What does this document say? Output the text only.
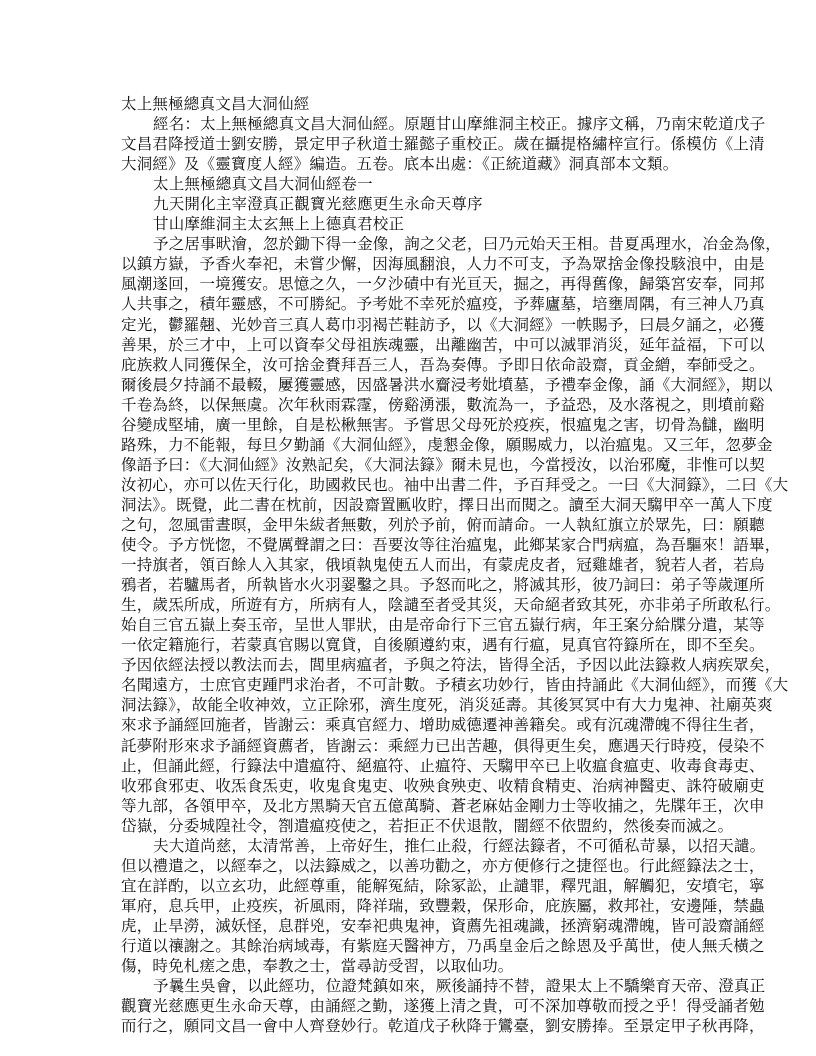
太上無極總真文昌大洞仙經
經名：太上無極總真文昌大洞仙經。原題甘山摩維洞主校正。據序文稱，乃南宋乾道戊子
文昌君降授道士劉安勝，景定甲子秋道士羅懿子重校正。歲在攝提格繡梓宣行。係模仿《上清
大洞經》及《靈寶度人經》編造。五卷。底本出處：《正統道藏》洞真部本文類。
太上無極總真文昌大洞仙經卷一
九天開化主宰澄真正觀寶光慈應更生永命天尊序
甘山摩維洞主太玄無上上德真君校正
予之居事畎澮，忽於鋤下得一金像，詢之父老，曰乃元始天王相。昔夏禹理水，冶金為像，
以鎮方嶽，予香火奉祀，未嘗少懈，因海風翻浪，人力不可支，予為眾捨金像投駭浪中，由是
風潮遂回，一境獲安。思憶之久，一夕沙磧中有光亘天，掘之，再得舊像，歸築宮安奉，同邦
人共事之，積年靈感，不可勝紀。予考妣不幸死於瘟疫，予葬廬墓，培壅周隅，有三神人乃真
定光，鬱羅翹、光妙音三真人葛巾羽褐芒鞋訪予，以《大洞經》一帙賜予，曰晨夕誦之，必獲
善果，於三才中，上可以資奉父母祖族魂靈，出離幽苦，中可以滅罪消災，延年益福，下可以
庇族救人同獲保全，汝可捨金賚拜吾三人，吾為奏傳。予即日依命設齋，貢金繒，奉師受之。
爾後晨夕持誦不最輟，屢獲靈感，因盛暑洪水齎浸考妣墳墓，予禮奉金像，誦《大洞經》，期以
千卷為終，以保無虞。次年秋雨霖霪，傍谿湧漲，數流為一，予益恐，及水落視之，則墳前谿
谷變成堅埔，廣一里餘，自是松楸無害。予嘗思父母死於疫疾，恨瘟鬼之害，切骨為讎，幽明
路殊，力不能報，每旦夕勤誦《大洞仙經》，虔懇金像，願賜威力，以治瘟鬼。又三年，忽夢金
像語予曰：《大洞仙經》汝熟記矣，《大洞法籙》爾未見也，今當授汝，以治邪魔，非惟可以契
汝初心，亦可以佐天行化，助國救民也。袖中出書二件，予百拜受之。一曰《大洞籙》，二曰《大
洞法》。既覺，此二書在枕前，因設齋置匭收貯，擇日出而閱之。讀至大洞天騶甲卒一萬人下度
之句，忽風雷晝暝，金甲朱紱者無數，列於予前，俯而請命。一人執紅旗立於眾先，曰：願聽
使令。予方恍惚，不覺厲聲謂之曰：吾要汝等往治瘟鬼，此鄉某家合門病瘟，為吾驅來！語畢，
一持旗者，領百餘人入其家，俄頃執鬼使五人而出，有蒙虎皮者，冠雞雄者，貌若人者，若烏
鴉者，若驢馬者，所執皆水火羽翣鑿之具。予怒而叱之，將滅其形，彼乃詞曰：弟子等歲運所
生，歲炁所成，所遊有方，所病有人，陰譴至者受其災，天命絕者致其死，亦非弟子所敢私行。
始自三官五嶽上奏玉帝，呈世人罪狀，由是帝命行下三官五嶽行病，年王案分給牒分遣，某等
一依定籍施行，若蒙真官賜以寬貸，自後願遵約束，遇有行瘟，見真官符籙所在，即不至矣。
予因依經法授以教法而去，閭里病瘟者，予與之符法，皆得全活，予因以此法籙救人病疾眾矣，
名聞遠方，士庶官吏踵門求治者，不可計數。予積玄功妙行，皆由持誦此《大洞仙經》，而獲《大
洞法籙》，故能全收神效，立正除邪，濟生度死，消災延壽。其後冥冥中有大力鬼神、社廟英爽
來求予誦經回施者，皆謝云：乘真官經力、增助威德遷神善籍矣。或有沉魂滯魄不得往生者，
託夢附形來求予誦經資薦者，皆謝云：乘經力已出苦趣，俱得更生矣，應遇天行時疫，侵染不
止，但誦此經，行籙法中遣瘟符、絕瘟符、止瘟符、天騶甲卒已上收瘟食瘟吏、收毒食毒吏、
收邪食邪吏、收炁食炁吏，收鬼食鬼吏、收殃食殃吏、收精食精吏、治病神醫吏、誅符破廟吏
等九部，各領甲卒，及北方黑騎天官五億萬騎、蒼老麻姑金剛力士等收捕之，先牒年王，次申
岱嶽，分委城隍社令，劄遣瘟疫使之，若拒正不伏退散，闇經不依盟約，然後奏而滅之。
夫大道尚慈，太清常善，上帝好生，推仁止殺，行經法籙者，不可循私苛暴，以招天譴。
但以禮遣之，以經奉之，以法籙威之，以善功勸之，亦方便修行之捷徑也。行此經籙法之士，
宜在詳酌，以立玄功，此經尊重，能解冤結，除冢訟，止譴罪，釋咒詛，解觸犯，安墳宅，寧
軍府，息兵甲，止疫疾，祈風雨，降祥瑞，致豐穀，保形命，庇族屬，救邦社，安邊陲，禁蟲
虎，止旱澇，滅妖怪，息群兇，安奉祀典鬼神，資薦先祖魂識，拯濟窮魂滯魄，皆可設齋誦經
行道以禳謝之。其餘治病域毒，有紫庭天醫神方，乃禹皇金后之餘恩及乎萬世，使人無夭橫之
傷，時免札瘥之患，奉教之士，當尋訪受習，以取仙功。
予曩生吳會，以此經功，位證梵鎮如來，厥後誦持不替，證果太上不驕樂育天帝、澄真正
觀寶光慈應更生永命天尊，由誦經之勤，遂獲上清之貴，可不深加尊敬而授之乎！得受誦者勉
而行之，願同文昌一會中人齊登妙行。乾道戊子秋降于鸞臺，劉安勝捧。至景定甲子秋再降，
